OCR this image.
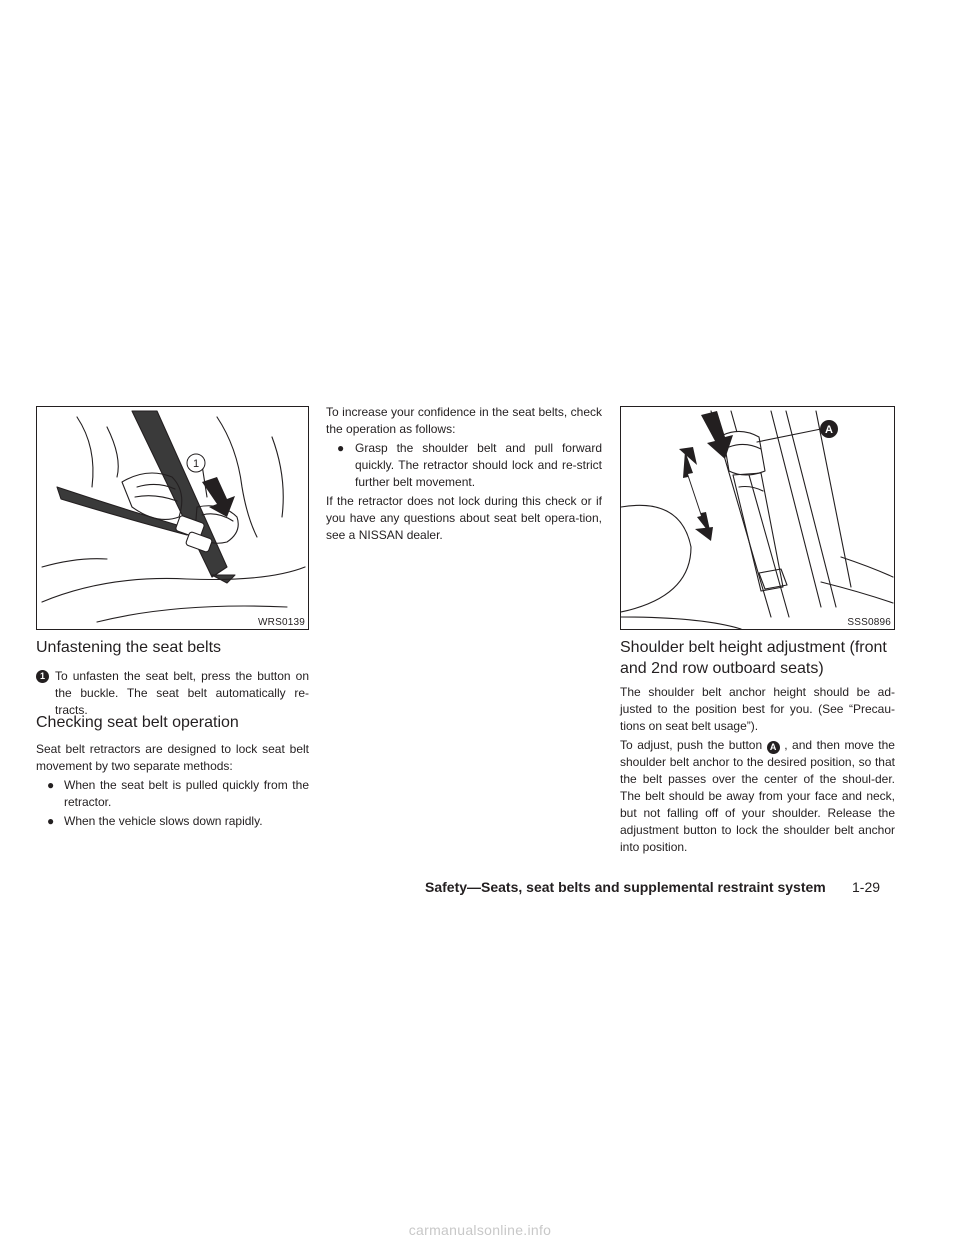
1
WRS0139
Unfastening the seat belts
1 To unfasten the seat belt, press the button on the buckle. The seat belt automatically re-tracts.

Checking seat belt operation

Seat belt retractors are designed to lock seat belt movement by two separate methods:

● When the seat belt is pulled quickly from the retractor.

● When the vehicle slows down rapidly.

To increase your confidence in the seat belts, check the operation as follows:

● Grasp the shoulder belt and pull forward quickly. The retractor should lock and re-strict further belt movement.

If the retractor does not lock during this check or if you have any questions about seat belt opera-tion, see a NISSAN dealer.

A
SSS0896
Shoulder belt height adjustment (front and 2nd row outboard seats)

The shoulder belt anchor height should be ad-justed to the position best for you. (See “Precau-tions on seat belt usage”).

To adjust, push the button A , and then move the shoulder belt anchor to the desired position, so that the belt passes over the center of the shoul-der. The belt should be away from your face and neck, but not falling off of your shoulder. Release the adjustment button to lock the shoulder belt anchor into position.

Safety—Seats, seat belts and supplemental restraint system 1-29
carmanualsonline.info
